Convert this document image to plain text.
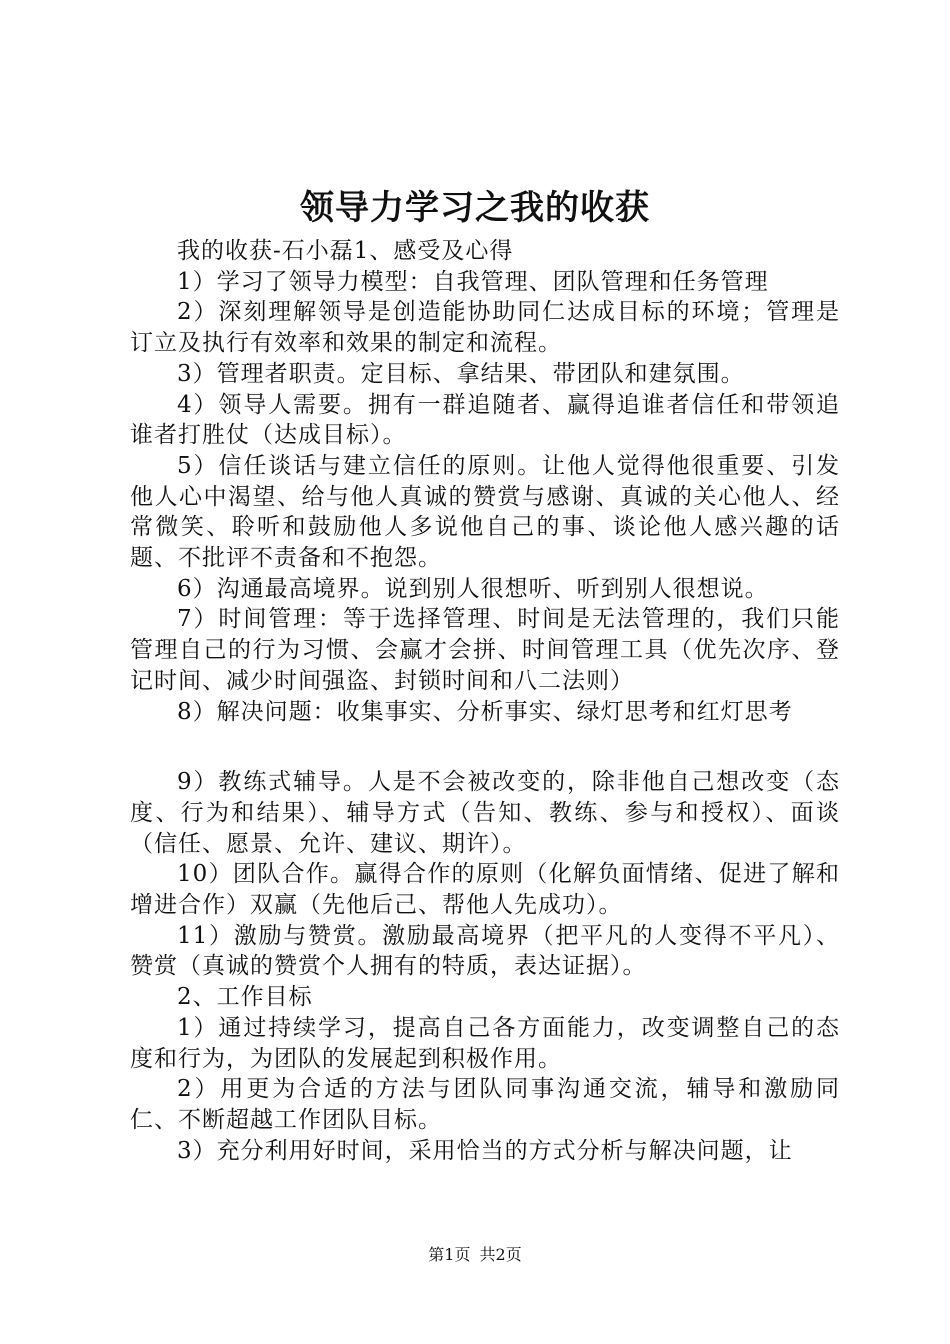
领导力学习之我的收获

我的收获-石小磊1、感受及心得

1）学习了领导力模型：自我管理、团队管理和任务管理

2）深刻理解领导是创造能协助同仁达成目标的环境；管理是订立及执行有效率和效果的制定和流程。

3）管理者职责。定目标、拿结果、带团队和建氛围。

4）领导人需要。拥有一群追随者、赢得追谁者信任和带领追谁者打胜仗（达成目标）。

5）信任谈话与建立信任的原则。让他人觉得他很重要、引发他人心中渴望、给与他人真诚的赞赏与感谢、真诚的关心他人、经常微笑、聆听和鼓励他人多说他自己的事、谈论他人感兴趣的话题、不批评不责备和不抱怨。

6）沟通最高境界。说到别人很想听、听到别人很想说。

7）时间管理：等于选择管理、时间是无法管理的，我们只能管理自己的行为习惯、会赢才会拼、时间管理工具（优先次序、登记时间、减少时间强盗、封锁时间和八二法则）

8）解决问题：收集事实、分析事实、绿灯思考和红灯思考

9）教练式辅导。人是不会被改变的，除非他自己想改变（态度、行为和结果）、辅导方式（告知、教练、参与和授权）、面谈（信任、愿景、允许、建议、期许）。

10）团队合作。赢得合作的原则（化解负面情绪、促进了解和增进合作）双赢（先他后己、帮他人先成功）。

11）激励与赞赏。激励最高境界（把平凡的人变得不平凡）、赞赏（真诚的赞赏个人拥有的特质，表达证据）。

2、工作目标

1）通过持续学习，提高自己各方面能力，改变调整自己的态度和行为，为团队的发展起到积极作用。

2）用更为合适的方法与团队同事沟通交流，辅导和激励同仁、不断超越工作团队目标。

3）充分利用好时间，采用恰当的方式分析与解决问题，让

第1页 共2页
